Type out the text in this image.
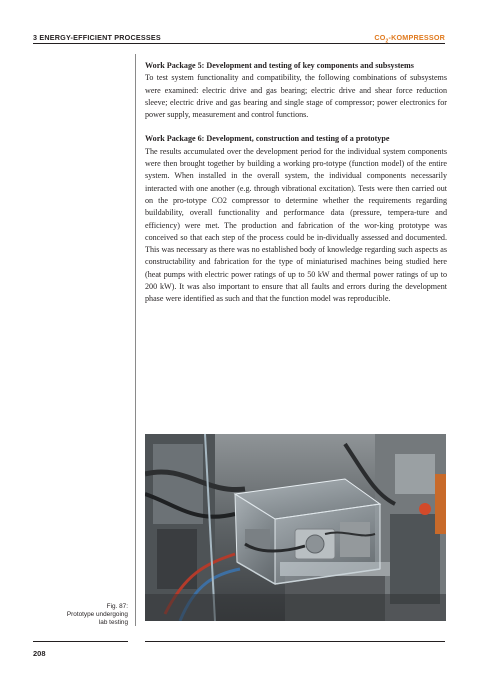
3 ENERGY-EFFICIENT PROCESSES	$CO_2$-KOMPRESSOR
Work Package 5: Development and testing of key components and subsystems

To test system functionality and compatibility, the following combinations of subsystems were examined: electric drive and gas bearing; electric drive and shear force reduction sleeve; electric drive and gas bearing and single stage of compressor; power electronics for power supply, measurement and control functions.

Work Package 6: Development, construction and testing of a prototype

The results accumulated over the development period for the individual system components were then brought together by building a working pro-totype (function model) of the entire system. When installed in the overall system, the individual components necessarily interacted with one another (e.g. through vibrational excitation). Tests were then carried out on the pro-totype CO2 compressor to determine whether the requirements regarding buildability, overall functionality and performance data (pressure, tempera-ture and efficiency) were met. The production and fabrication of the wor-king prototype was conceived so that each step of the process could be in-dividually assessed and documented. This was necessary as there was no established body of knowledge regarding such aspects as constructability and fabrication for the type of miniaturised machines being studied here (heat pumps with electric power ratings of up to 50 kW and thermal power ratings of up to 200 kW). It was also important to ensure that all faults and errors during the development phase were identified as such and that the function model was reproducible.

Fig. 87:
Prototype undergoing
lab testing
208
